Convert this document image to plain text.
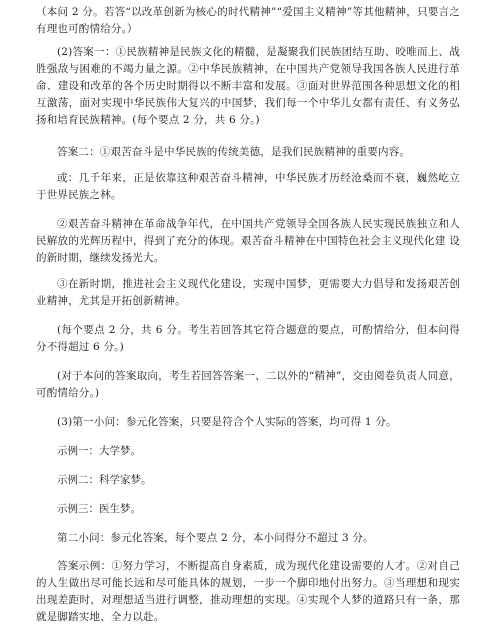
（本问 2 分。若答“以改革创新为核心的时代精神”“爱国主义精神”等其他精神，只要言之有理也可酌情给分。）

(2)答案一：①民族精神是民族文化的精髓，是凝聚我们民族团结互助、咬唯而上、战胜强敌与困难的不竭力量之源。②中华民族精神，在中国共产党领导我国各族人民进行革命、建设和改革的各个历史时期得以不断丰富和发展。③面对世界范围各种思想文化的相互激荡，面对实现中华民族伟大复兴的中国梦，我们每一个中华儿女都有责任、有义务弘扬和培育民族精神。(每个要点 2 分，共 6 分。)

答案二：①艰苦奋斗是中华民族的传统美德，是我们民族精神的重要内容。

或：几千年来，正是依靠这种艰苦奋斗精神，中华民族才历经沧桑而不衰，巍然屹立于世界民族之林。

②艰苦奋斗精神在革命战争年代，在中国共产党领导全国各族人民实现民族独立和人民解放的光辉历程中，得到了充分的体现。艰苦奋斗精神在中国特色社会主义现代化建 设的新时期，继续发扬光大。

③在新时期，推进社会主义现代化建设，实现中国梦，更需要大力倡导和发扬艰苦创业精神，尤其是开拓创新精神。

(每个要点 2 分，共 6 分。考生若回答其它符合题意的要点，可酌情给分，但本问得分不得超过 6 分。)

(对于本问的答案取向，考生若回答答案一、二以外的“精神”，交由阅卷负责人同意，可酌情给分。)

(3)第一小问：参元化答案，只要是符合个人实际的答案，均可得 1 分。

示例一：大学梦。

示例二：科学家梦。

示例三：医生梦。

第二小问：参元化答案，每个要点 2 分，本小问得分不超过 3 分。

答案示例：①努力学习，不断提高自身素质，成为现代化建设需要的人才。②对自己的人生做出尽可能长远和尽可能具体的规划，一步一个脚印地付出努力。③当理想和现实出现差距时，对理想适当进行调整，推动理想的实现。④实现个人梦的道路只有一条，那就是脚踏实地、全力以赴。
